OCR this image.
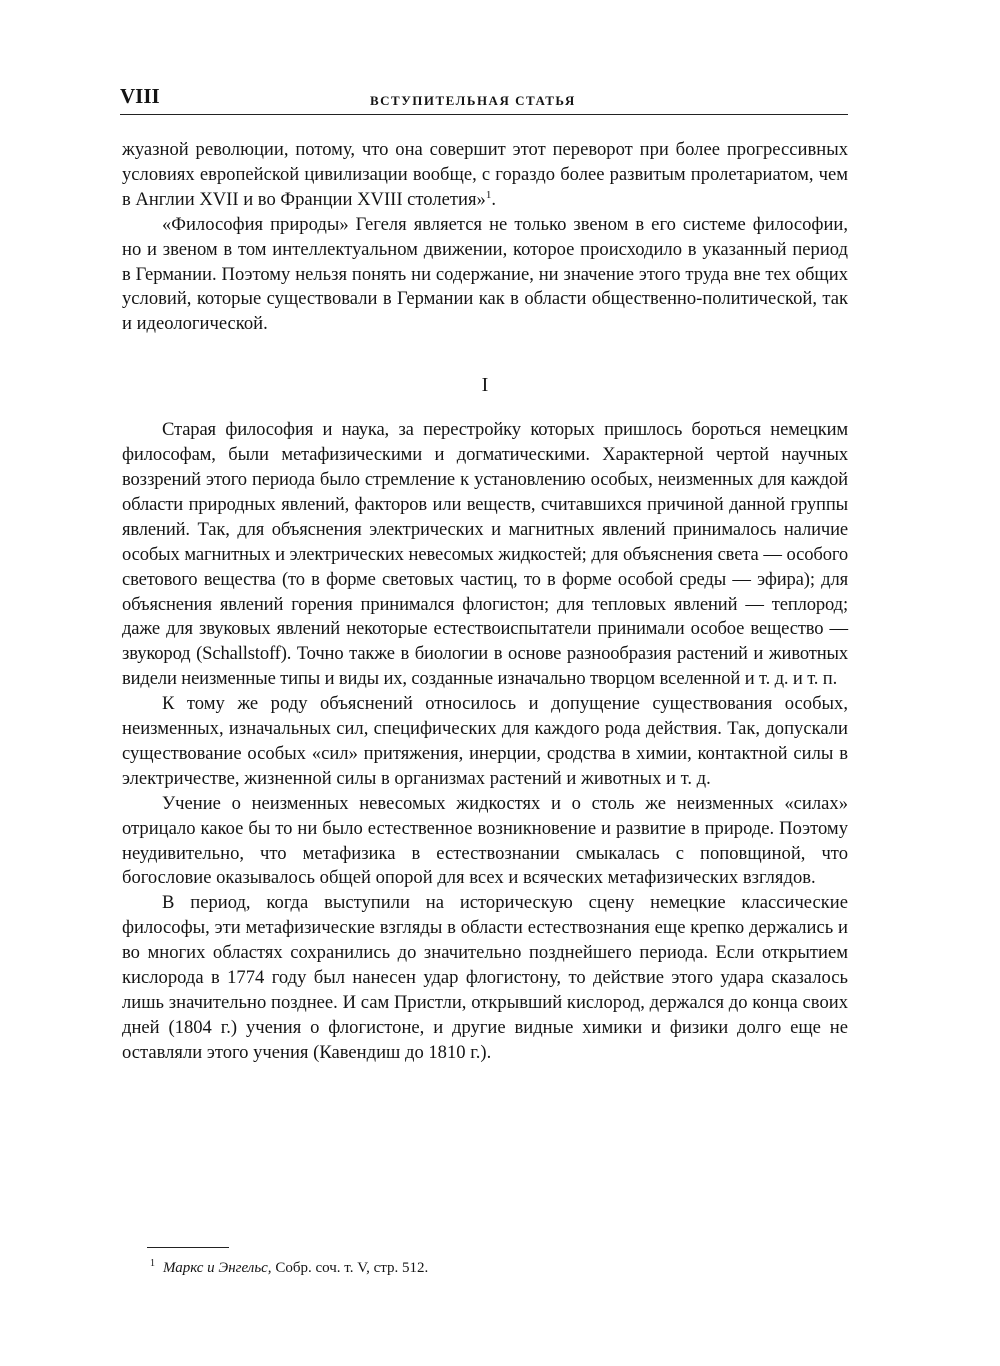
VIII	ВСТУПИТЕЛЬНАЯ СТАТЬЯ

жуазной революции, потому, что она совершит этот переворот при более прогрессивных условиях европейской цивилизации вообще, с гораздо более развитым пролетариатом, чем в Англии XVII и во Франции XVIII столетия»$^1$.

«Философия природы» Гегеля является не только звеном в его системе философии, но и звеном в том интеллектуальном движении, которое происходило в указанный период в Германии. Поэтому нельзя понять ни содержание, ни значение этого труда вне тех общих условий, которые существовали в Германии как в области общественно-политической, так и идеологической.

I

Старая философия и наука, за перестройку которых пришлось бороться немецким философам, были метафизическими и догматическими. Характерной чертой научных воззрений этого периода было стремление к установлению особых, неизменных для каждой области природных явлений, факторов или веществ, считавшихся причиной данной группы явлений. Так, для объяснения электрических и магнитных явлений принималось наличие особых магнитных и электрических невесомых жидкостей; для объяснения света — особого светового вещества (то в форме световых частиц, то в форме особой среды — эфира); для объяснения явлений горения принимался флогистон; для тепловых явлений — теплород; даже для звуковых явлений некоторые естествоиспытатели принимали особое вещество — звукород (Schallstoff). Точно также в биологии в основе разнообразия растений и животных видели неизменные типы и виды их, созданные изначально творцом вселенной и т. д. и т. п.

К тому же роду объяснений относилось и допущение существования особых, неизменных, изначальных сил, специфических для каждого рода действия. Так, допускали существование особых «сил» притяжения, инерции, сродства в химии, контактной силы в электричестве, жизненной силы в организмах растений и животных и т. д.

Учение о неизменных невесомых жидкостях и о столь же неизменных «силах» отрицало какое бы то ни было естественное возникновение и развитие в природе. Поэтому неудивительно, что метафизика в естествознании смыкалась с поповщиной, что богословие оказывалось общей опорой для всех и всяческих метафизических взглядов.

В период, когда выступили на историческую сцену немецкие классические философы, эти метафизические взгляды в области естествознания еще крепко держались и во многих областях сохранились до значительно позднейшего периода. Если открытием кислорода в 1774 году был нанесен удар флогистону, то действие этого удара сказалось лишь значительно позднее. И сам Пристли, открывший кислород, держался до конца своих дней (1804 г.) учения о флогистоне, и другие видные химики и физики долго еще не оставляли этого учения (Кавендиш до 1810 г.).

$^1$ Маркс и Энгельс, Собр. соч. т. V, стр. 512.
